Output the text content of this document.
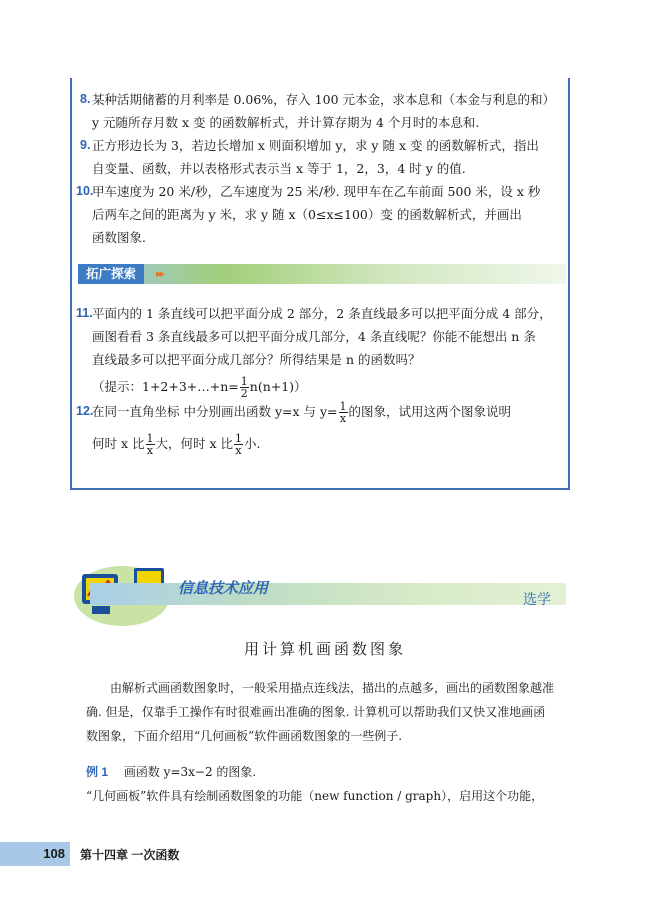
8. 某种活期储蓄的月利率是 0.06%，存入 100 元本金，求本息和（本金与利息的和）
y 元随所存月数 x 变 的函数解析式，并计算存期为 4 个月时的本息和.
9. 正方形边长为 3，若边长增加 x 则面积增加 y，求 y 随 x 变 的函数解析式，指出
自变量、函数，并以表格形式表示当 x 等于 1，2，3，4 时 y 的值.
10.
甲车速度为 20 米/秒，乙车速度为 25 米/秒. 现甲车在乙车前面 500 米，设 x 秒
后两车之间的距离为 y 米，求 y 随 x（0≤x≤100）变 的函数解析式，并画出
函数图象.
拓广探索	▸▸
11. 平面内的 1 条直线可以把平面分成 2 部分，2 条直线最多可以把平面分成 4 部分，
画图看看 3 条直线最多可以把平面分成几部分，4 条直线呢？你能不能想出 n 条
直线最多可以把平面分成几部分？所得结果是 n 的函数吗？
（提示：1+2+3+…+n= $\frac{1}{2} n(n+1)$）
12.
在同一直角坐标 中分别画出函数 y=x 与 $y= \frac{1}{x}$ 的图象，试用这两个图象说明
何时 x 比 $\frac{1}{x}$ 大，何时 x 比 $\frac{1}{x}$ 小.
信息技术应用
选学
用计算机画函数图象
由解析式画函数图象时，一般采用描点连线法，描出的点越多，画出的函数图象越准
确. 但是，仅靠手工操作有时很难画出准确的图象. 计算机可以帮助我们又快又准地画函
数图象，下面介绍用“几何画板”软件画函数图象的一些例子.
例 1 画函数 y=3x−2 的图象.
“几何画板”软件具有绘制函数图象的功能（new function / graph），启用这个功能，
108 第十四章 一次函数
